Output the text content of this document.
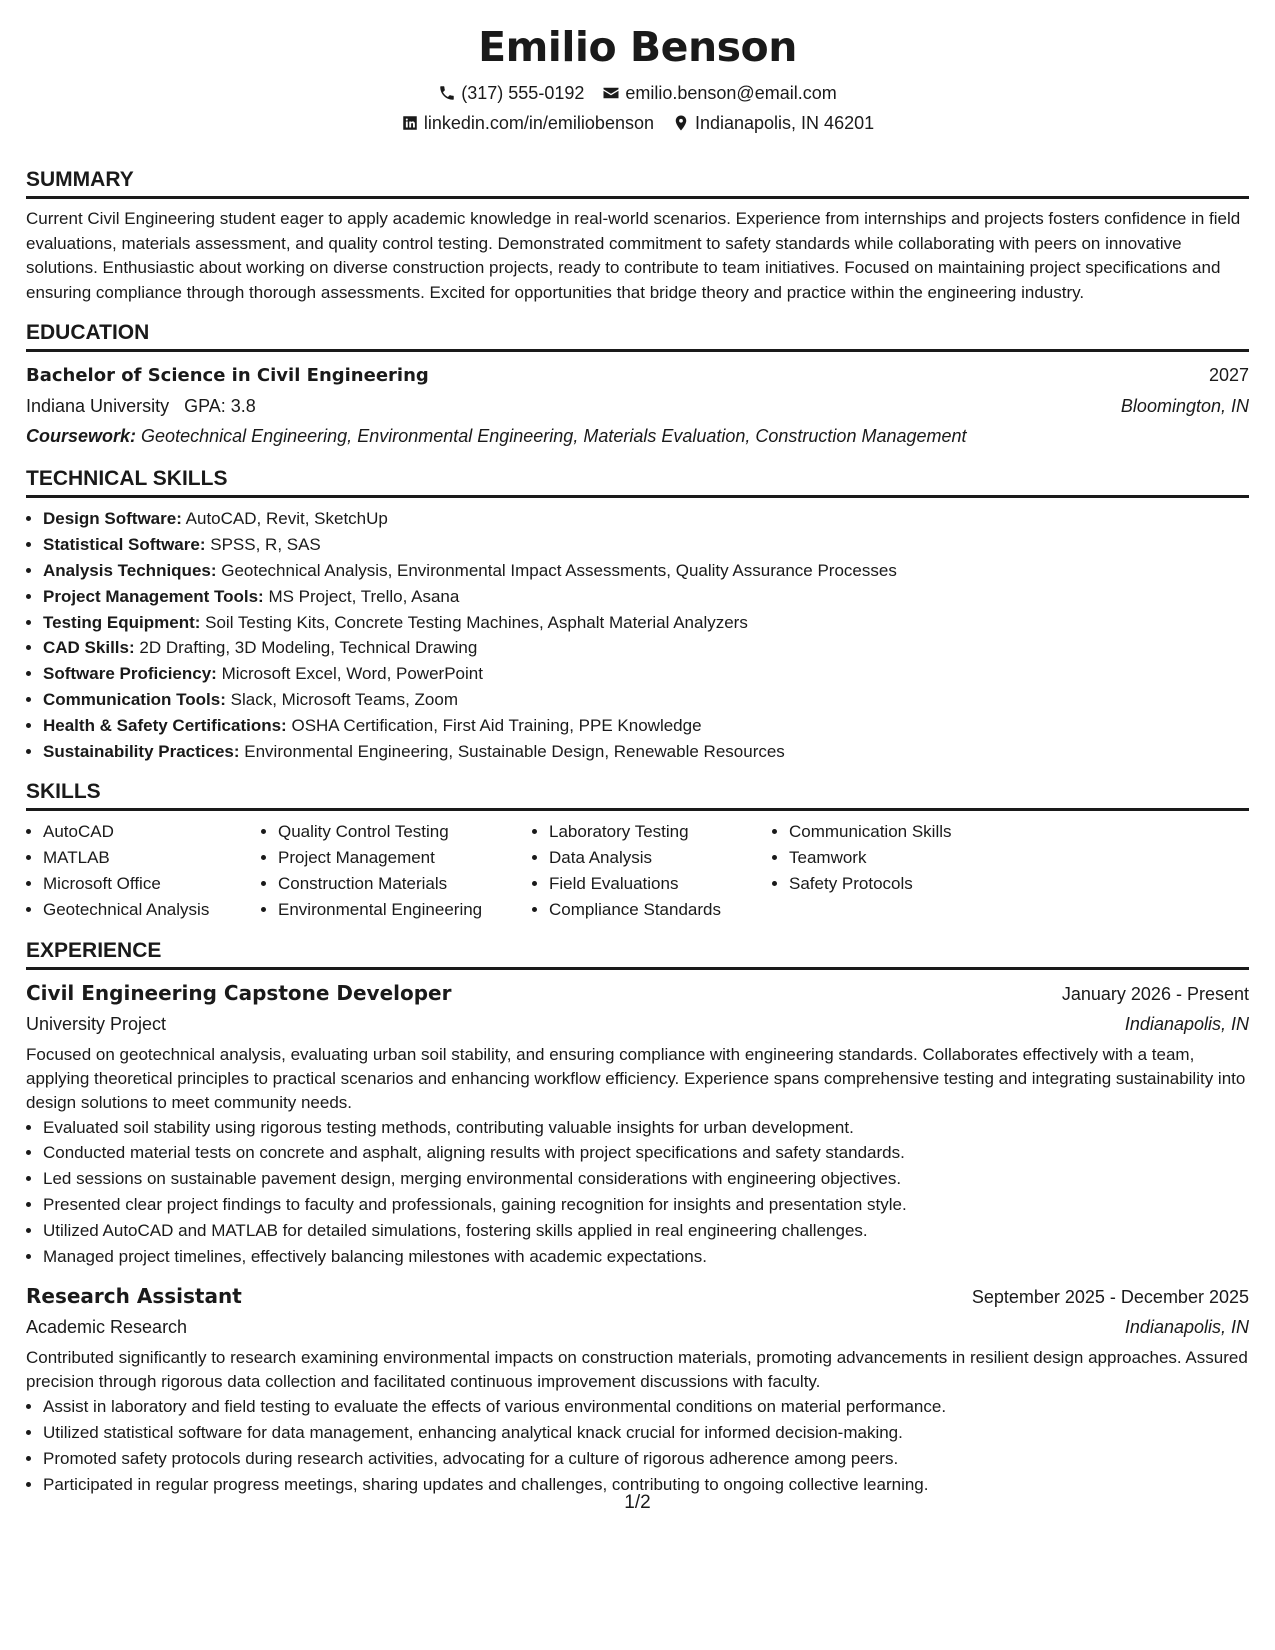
Emilio Benson
(317) 555-0192 emilio.benson@email.com
linkedin.com/in/emiliobenson Indianapolis, IN 46201
SUMMARY

Current Civil Engineering student eager to apply academic knowledge in real-world scenarios. Experience from internships and projects fosters confidence in field evaluations, materials assessment, and quality control testing. Demonstrated commitment to safety standards while collaborating with peers on innovative solutions. Enthusiastic about working on diverse construction projects, ready to contribute to team initiatives. Focused on maintaining project specifications and ensuring compliance through thorough assessments. Excited for opportunities that bridge theory and practice within the engineering industry.

EDUCATION
Bachelor of Science in Civil Engineering	2027
Indiana University GPA: 3.8	Bloomington, IN
Coursework: Geotechnical Engineering, Environmental Engineering, Materials Evaluation, Construction Management
TECHNICAL SKILLS
• Design Software: AutoCAD, Revit, SketchUp
• Statistical Software: SPSS, R, SAS
• Analysis Techniques: Geotechnical Analysis, Environmental Impact Assessments, Quality Assurance Processes
• Project Management Tools: MS Project, Trello, Asana
• Testing Equipment: Soil Testing Kits, Concrete Testing Machines, Asphalt Material Analyzers
• CAD Skills: 2D Drafting, 3D Modeling, Technical Drawing
• Software Proficiency: Microsoft Excel, Word, PowerPoint
• Communication Tools: Slack, Microsoft Teams, Zoom
• Health & Safety Certifications: OSHA Certification, First Aid Training, PPE Knowledge
• Sustainability Practices: Environmental Engineering, Sustainable Design, Renewable Resources
SKILLS
• AutoCAD
• MATLAB
• Microsoft Office
• Geotechnical Analysis
• Quality Control Testing
• Project Management
• Construction Materials
• Environmental Engineering
• Laboratory Testing
• Data Analysis
• Field Evaluations
• Compliance Standards
• Communication Skills
• Teamwork
• Safety Protocols
EXPERIENCE
Civil Engineering Capstone Developer	January 2026 - Present
University Project	Indianapolis, IN
Focused on geotechnical analysis, evaluating urban soil stability, and ensuring compliance with engineering standards. Collaborates effectively with a team, applying theoretical principles to practical scenarios and enhancing workflow efficiency. Experience spans comprehensive testing and integrating sustainability into design solutions to meet community needs.
• Evaluated soil stability using rigorous testing methods, contributing valuable insights for urban development.
• Conducted material tests on concrete and asphalt, aligning results with project specifications and safety standards.
• Led sessions on sustainable pavement design, merging environmental considerations with engineering objectives.
• Presented clear project findings to faculty and professionals, gaining recognition for insights and presentation style.
• Utilized AutoCAD and MATLAB for detailed simulations, fostering skills applied in real engineering challenges.
• Managed project timelines, effectively balancing milestones with academic expectations.
Research Assistant	September 2025 - December 2025
Academic Research	Indianapolis, IN
Contributed significantly to research examining environmental impacts on construction materials, promoting advancements in resilient design approaches. Assured precision through rigorous data collection and facilitated continuous improvement discussions with faculty.
• Assist in laboratory and field testing to evaluate the effects of various environmental conditions on material performance.
• Utilized statistical software for data management, enhancing analytical knack crucial for informed decision-making.
• Promoted safety protocols during research activities, advocating for a culture of rigorous adherence among peers.
• Participated in regular progress meetings, sharing updates and challenges, contributing to ongoing collective learning.
1/2
